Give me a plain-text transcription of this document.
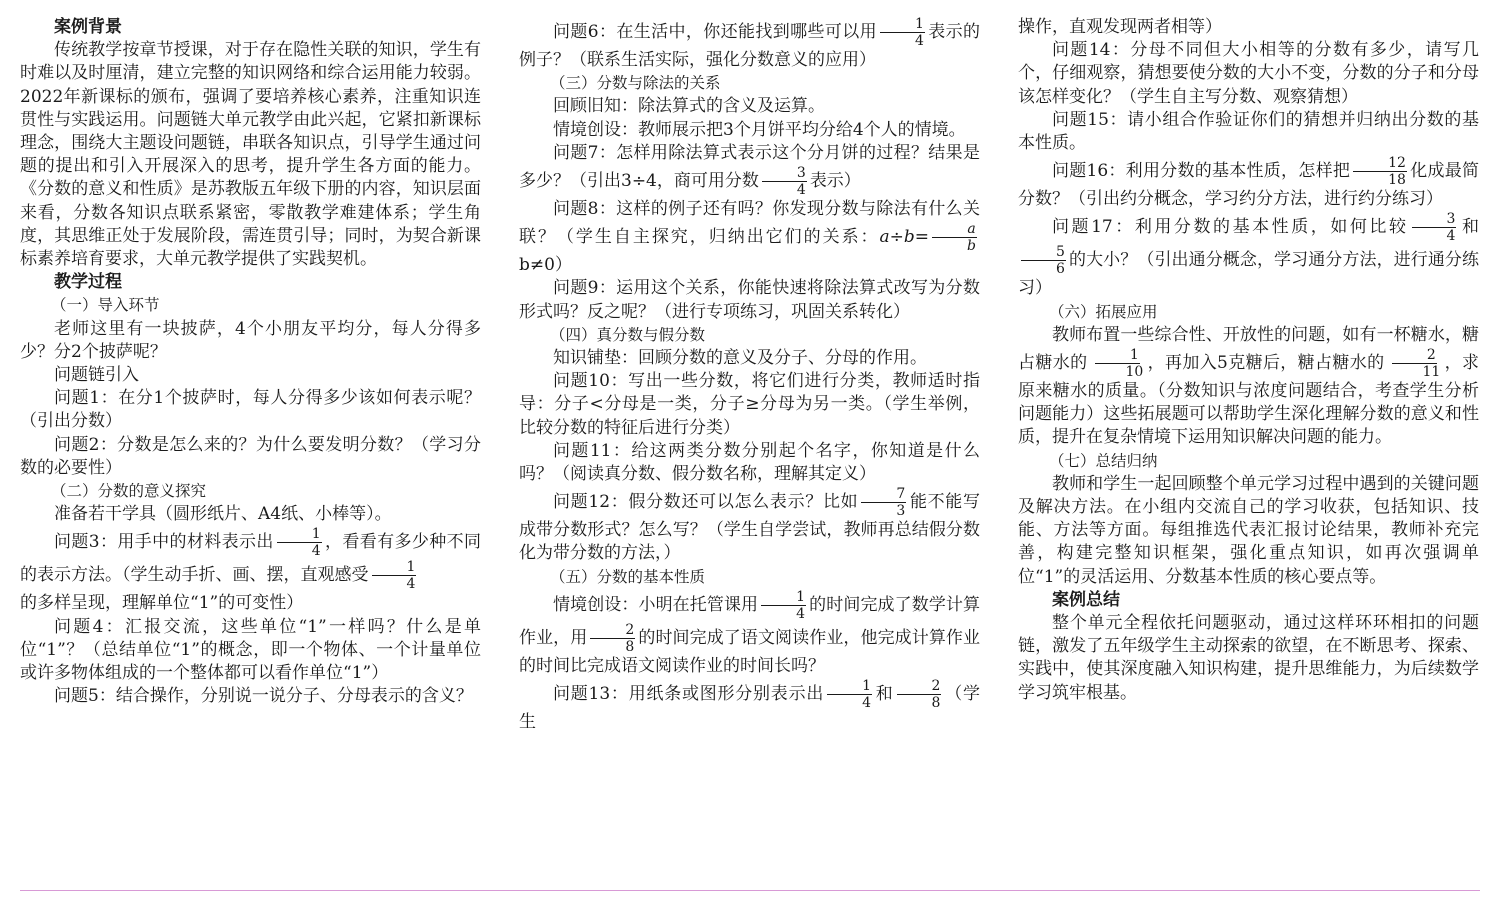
案例背景

传统教学按章节授课，对于存在隐性关联的知识，学生有时难以及时厘清，建立完整的知识网络和综合运用能力较弱。2022年新课标的颁布，强调了要培养核心素养，注重知识连贯性与实践运用。问题链大单元教学由此兴起，它紧扣新课标理念，围绕大主题设问题链，串联各知识点，引导学生通过问题的提出和引入开展深入的思考，提升学生各方面的能力。《分数的意义和性质》是苏教版五年级下册的内容，知识层面来看，分数各知识点联系紧密，零散教学难建体系；学生角度，其思维正处于发展阶段，需连贯引导；同时，为契合新课标素养培育要求，大单元教学提供了实践契机。

教学过程

（一）导入环节

老师这里有一块披萨，4个小朋友平均分，每人分得多少？分2个披萨呢？

问题链引入

问题1：在分1个披萨时，每人分得多少该如何表示呢？（引出分数）

问题2：分数是怎么来的？为什么要发明分数？（学习分数的必要性）

（二）分数的意义探究

准备若干学具（圆形纸片、A4纸、小棒等）。

问题3：用手中的材料表示出 $\frac{1}{4}$ ，看看有多少种不同的表示方法。（学生动手折、画、摆，直观感受 $\frac{1}{4}$

的多样呈现，理解单位“1”的可变性）

问题4：汇报交流，这些单位“1”一样吗？什么是单位“1”？（总结单位“1”的概念，即一个物体、一个计量单位或许多物体组成的一个整体都可以看作单位“1”）

问题5：结合操作，分别说一说分子、分母表示的含义？

问题6：在生活中，你还能找到哪些可以用 $\frac{1}{4}$ 表示的例子？（联系生活实际，强化分数意义的应用）

（三）分数与除法的关系

回顾旧知：除法算式的含义及运算。

情境创设：教师展示把3个月饼平均分给4个人的情境。

问题7：怎样用除法算式表示这个分月饼的过程？结果是多少？（引出3÷4，商可用分数 $\frac{3}{4}$ 表示）

问题8：这样的例子还有吗？你发现分数与除法有什么关联？（学生自主探究，归纳出它们的关系：$a\div b= \frac{a}{b}$
b≠0）

问题9：运用这个关系，你能快速将除法算式改写为分数形式吗？反之呢？（进行专项练习，巩固关系转化）

（四）真分数与假分数

知识铺垫：回顾分数的意义及分子、分母的作用。

问题10：写出一些分数，将它们进行分类，教师适时指导：分子<分母是一类，分子≥分母为另一类。（学生举例，比较分数的特征后进行分类）

问题11：给这两类分数分别起个名字，你知道是什么吗？（阅读真分数、假分数名称，理解其定义）

问题12：假分数还可以怎么表示？比如 $\frac{7}{3}$ 能不能写成带分数形式？怎么写？（学生自学尝试，教师再总结假分数化为带分数的方法，）

（五）分数的基本性质

情境创设：小明在托管课用 $\frac{1}{4}$ 的时间完成了数学计算作业，用 $\frac{2}{8}$ 的时间完成了语文阅读作业，他完成计算作业的时间比完成语文阅读作业的时间长吗？

问题13：用纸条或图形分别表示出 $\frac{1}{4}$ 和 $\frac{2}{8}$ （学生

操作，直观发现两者相等）

问题14：分母不同但大小相等的分数有多少，请写几个，仔细观察，猜想要使分数的大小不变，分数的分子和分母该怎样变化？（学生自主写分数、观察猜想）

问题15：请小组合作验证你们的猜想并归纳出分数的基本性质。

问题16：利用分数的基本性质，怎样把 $\frac{12}{18}$ 化成最简分数？（引出约分概念，学习约分方法，进行约分练习）

问题17：利用分数的基本性质，如何比较 $\frac{3}{4}$ 和
$\frac{5}{6}$ 的大小？（引出通分概念，学习通分方法，进行通分练习）

（六）拓展应用

教师布置一些综合性、开放性的问题，如有一杯糖水，糖占糖水的 $\frac{1}{10}$ ，再加入5克糖后，糖占糖水的 $\frac{2}{11}$ ，求原来糖水的质量。（分数知识与浓度问题结合，考查学生分析问题能力）这些拓展题可以帮助学生深化理解分数的意义和性质，提升在复杂情境下运用知识解决问题的能力。

（七）总结归纳

教师和学生一起回顾整个单元学习过程中遇到的关键问题及解决方法。在小组内交流自己的学习收获，包括知识、技能、方法等方面。每组推选代表汇报讨论结果，教师补充完善，构建完整知识框架，强化重点知识，如再次强调单位“1”的灵活运用、分数基本性质的核心要点等。

案例总结

整个单元全程依托问题驱动，通过这样环环相扣的问题链，激发了五年级学生主动探索的欲望，在不断思考、探索、实践中，使其深度融入知识构建，提升思维能力，为后续数学学习筑牢根基。
